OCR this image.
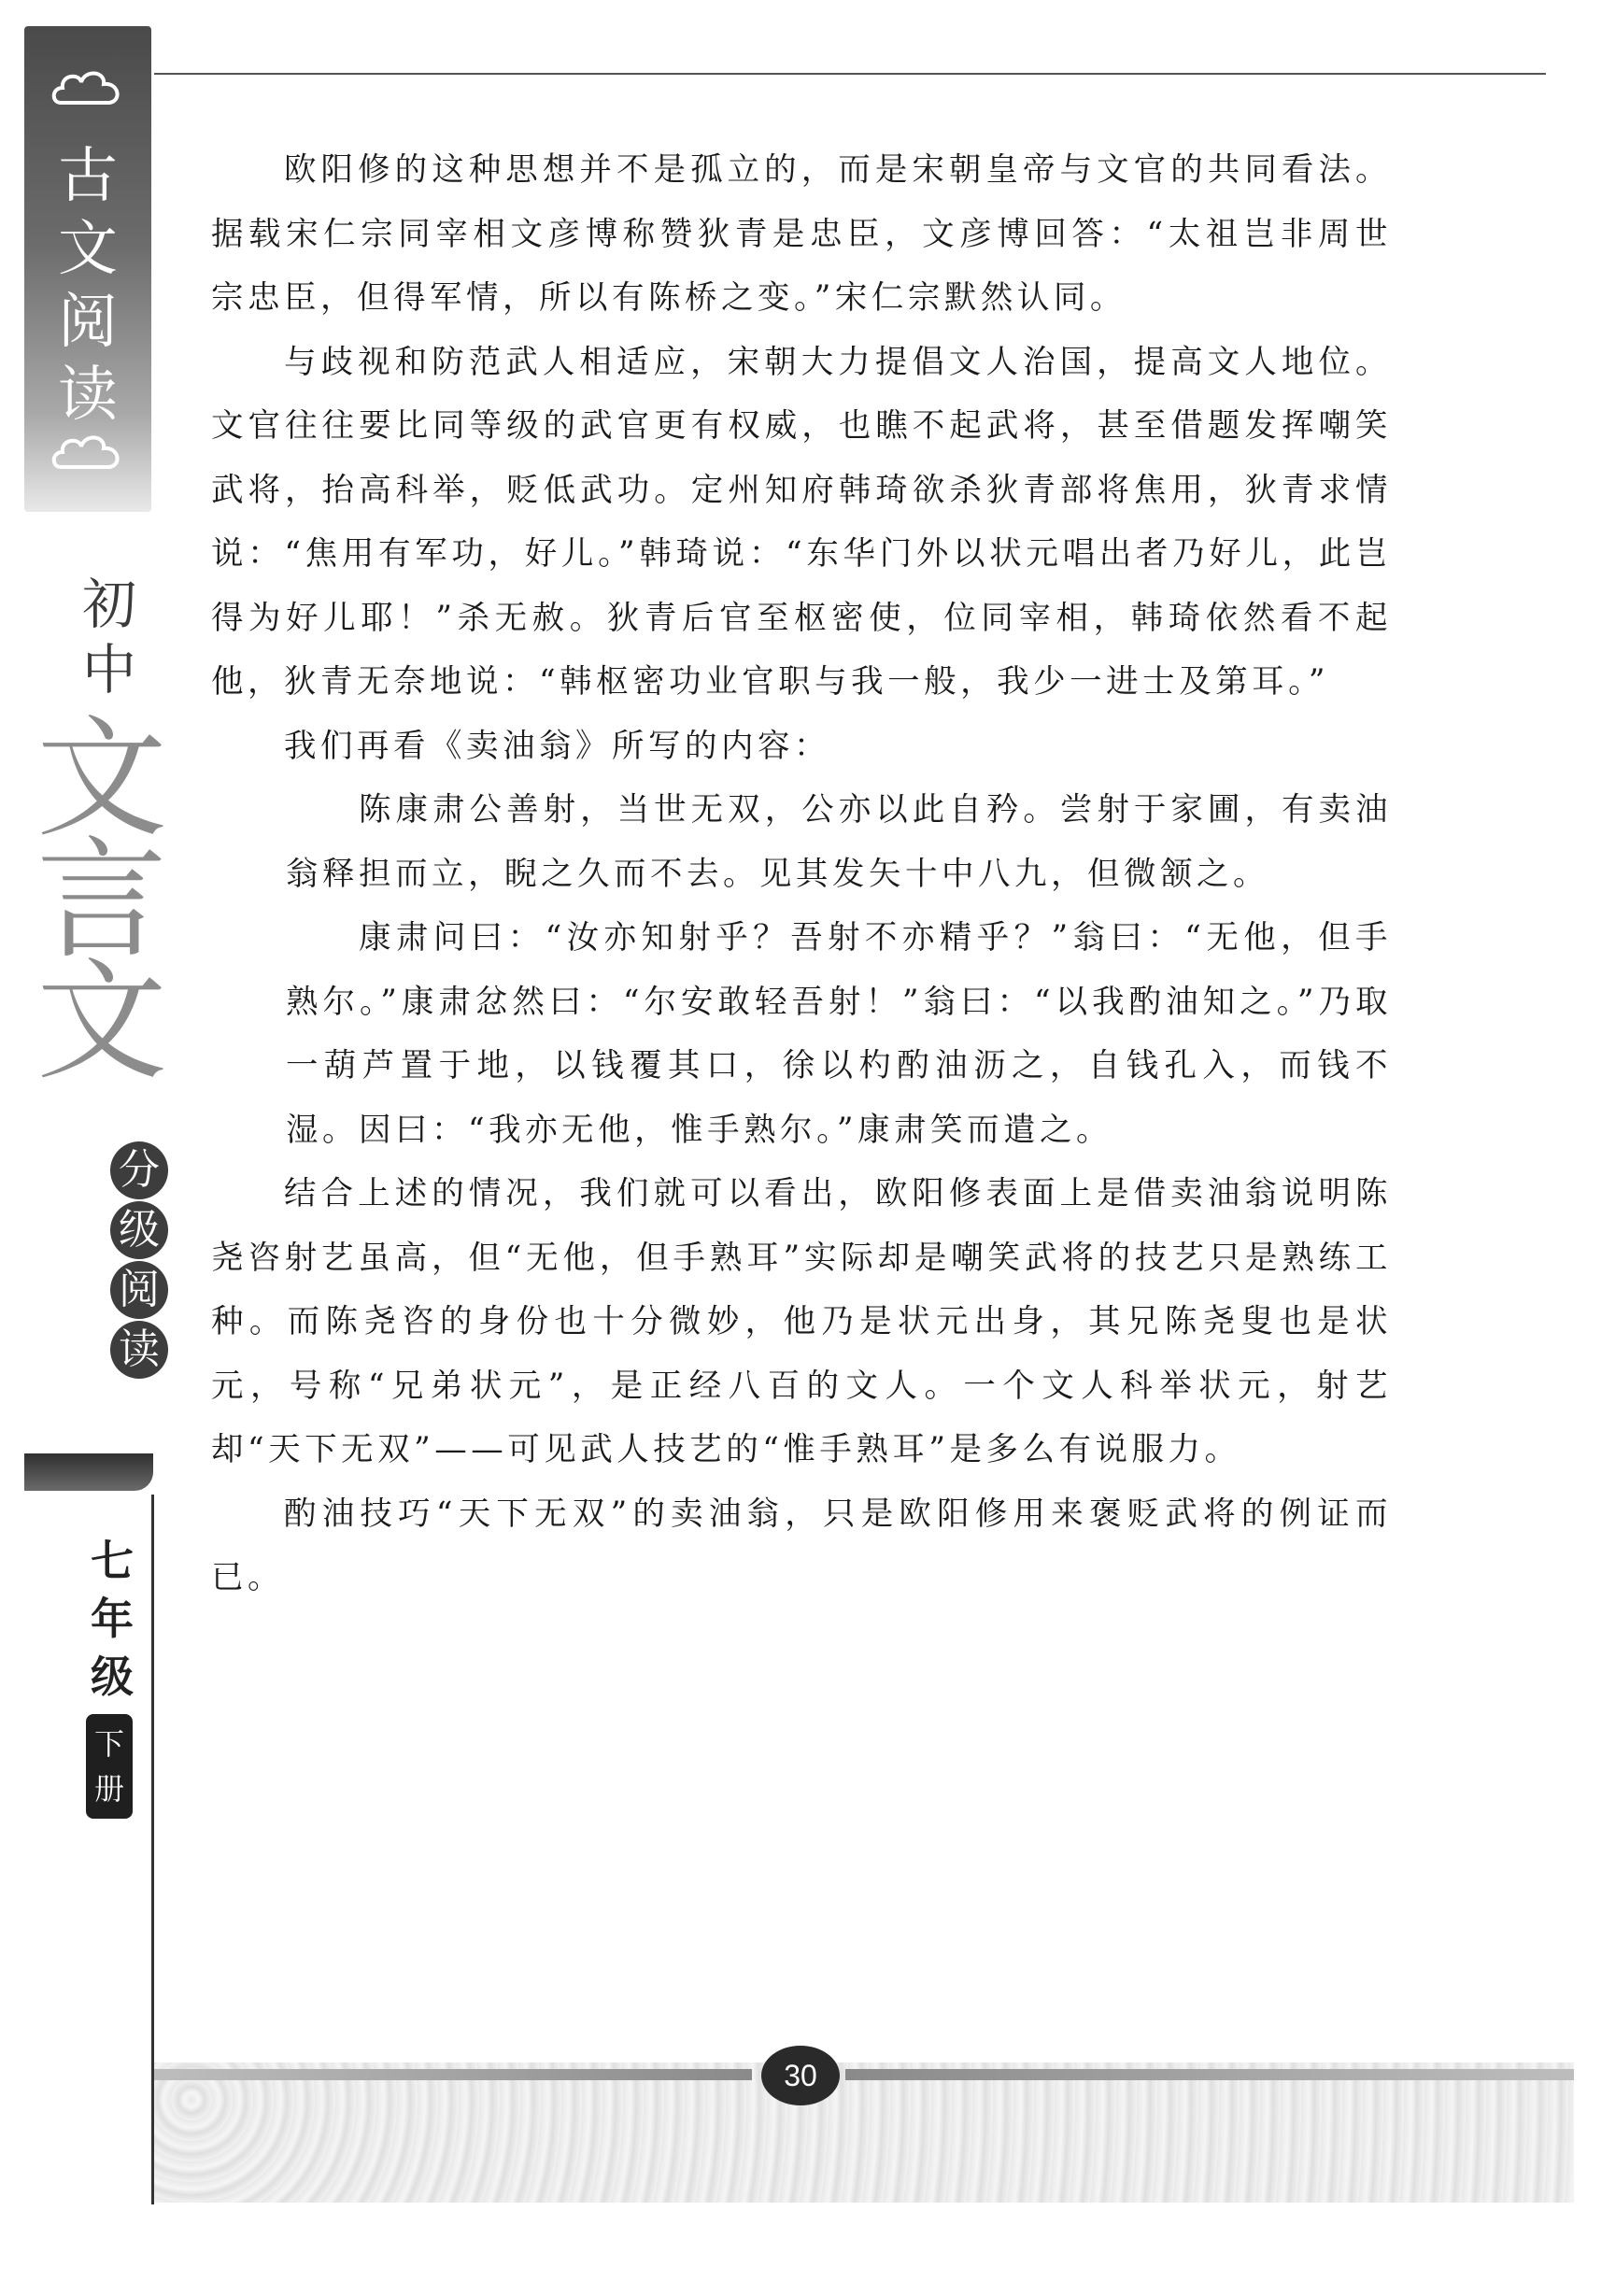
古
文
阅
读
初
中
文
言
文
分
级
阅
读
七
年
级
下
册

欧阳修的这种思想并不是孤立的，而是宋朝皇帝与文官的共同看法。据载宋仁宗同宰相文彦博称赞狄青是忠臣，文彦博回答：“太祖岂非周世宗忠臣，但得军情，所以有陈桥之变。”宋仁宗默然认同。

与歧视和防范武人相适应，宋朝大力提倡文人治国，提高文人地位。文官往往要比同等级的武官更有权威，也瞧不起武将，甚至借题发挥嘲笑武将，抬高科举，贬低武功。定州知府韩琦欲杀狄青部将焦用，狄青求情说：“焦用有军功，好儿。”韩琦说：“东华门外以状元唱出者乃好儿，此岂得为好儿耶！”杀无赦。狄青后官至枢密使，位同宰相，韩琦依然看不起他，狄青无奈地说：“韩枢密功业官职与我一般，我少一进士及第耳。”

我们再看《卖油翁》所写的内容：

陈康肃公善射，当世无双，公亦以此自矜。尝射于家圃，有卖油翁释担而立，睨之久而不去。见其发矢十中八九，但微颔之。

康肃问曰：“汝亦知射乎？吾射不亦精乎？”翁曰：“无他，但手熟尔。”康肃忿然曰：“尔安敢轻吾射！”翁曰：“以我酌油知之。”乃取一葫芦置于地，以钱覆其口，徐以杓酌油沥之，自钱孔入，而钱不湿。因曰：“我亦无他，惟手熟尔。”康肃笑而遣之。

结合上述的情况，我们就可以看出，欧阳修表面上是借卖油翁说明陈尧咨射艺虽高，但“无他，但手熟耳”实际却是嘲笑武将的技艺只是熟练工种。而陈尧咨的身份也十分微妙，他乃是状元出身，其兄陈尧叟也是状元，号称“兄弟状元”，是正经八百的文人。一个文人科举状元，射艺却“天下无双”——可见武人技艺的“惟手熟耳”是多么有说服力。

酌油技巧“天下无双”的卖油翁，只是欧阳修用来褒贬武将的例证而已。

30
